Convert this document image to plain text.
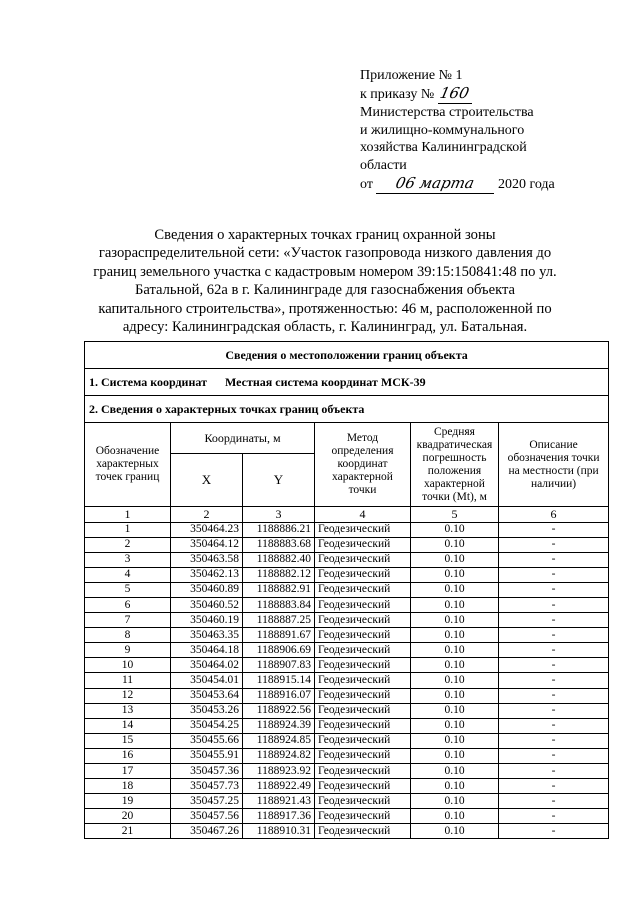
Приложение № 1
к приказу № 160
Министерства строительства
и жилищно-коммунального
хозяйства Калининградской
области
от 06 марта 2020 года
Сведения о характерных точках границ охранной зоны газораспределительной сети: «Участок газопровода низкого давления до границ земельного участка с кадастровым номером 39:15:150841:48 по ул. Батальной, 62а в г. Калининграде для газоснабжения объекта капитального строительства», протяженностью: 46 м, расположенной по адресу: Калининградская область, г. Калининград, ул. Батальная.
Сведения о местоположении границ объекта					
1. Система координат Местная система координат МСК-39					
2. Сведения о характерных точках границ объекта					
Обозначение характерных точек границ	Координаты, м		Метод определения координат характерной точки	Средняя квадратическая погрешность положения характерной точки (Mt), м	Описание обозначения точки на местности (при наличии)
	X	Y			
1	2	3	4	5	6
1	350464.23	1188886.21	Геодезический	0.10	-
2	350464.12	1188883.68	Геодезический	0.10	-
3	350463.58	1188882.40	Геодезический	0.10	-
4	350462.13	1188882.12	Геодезический	0.10	-
5	350460.89	1188882.91	Геодезический	0.10	-
6	350460.52	1188883.84	Геодезический	0.10	-
7	350460.19	1188887.25	Геодезический	0.10	-
8	350463.35	1188891.67	Геодезический	0.10	-
9	350464.18	1188906.69	Геодезический	0.10	-
10	350464.02	1188907.83	Геодезический	0.10	-
11	350454.01	1188915.14	Геодезический	0.10	-
12	350453.64	1188916.07	Геодезический	0.10	-
13	350453.26	1188922.56	Геодезический	0.10	-
14	350454.25	1188924.39	Геодезический	0.10	-
15	350455.66	1188924.85	Геодезический	0.10	-
16	350455.91	1188924.82	Геодезический	0.10	-
17	350457.36	1188923.92	Геодезический	0.10	-
18	350457.73	1188922.49	Геодезический	0.10	-
19	350457.25	1188921.43	Геодезический	0.10	-
20	350457.56	1188917.36	Геодезический	0.10	-
21	350467.26	1188910.31	Геодезический	0.10	-
